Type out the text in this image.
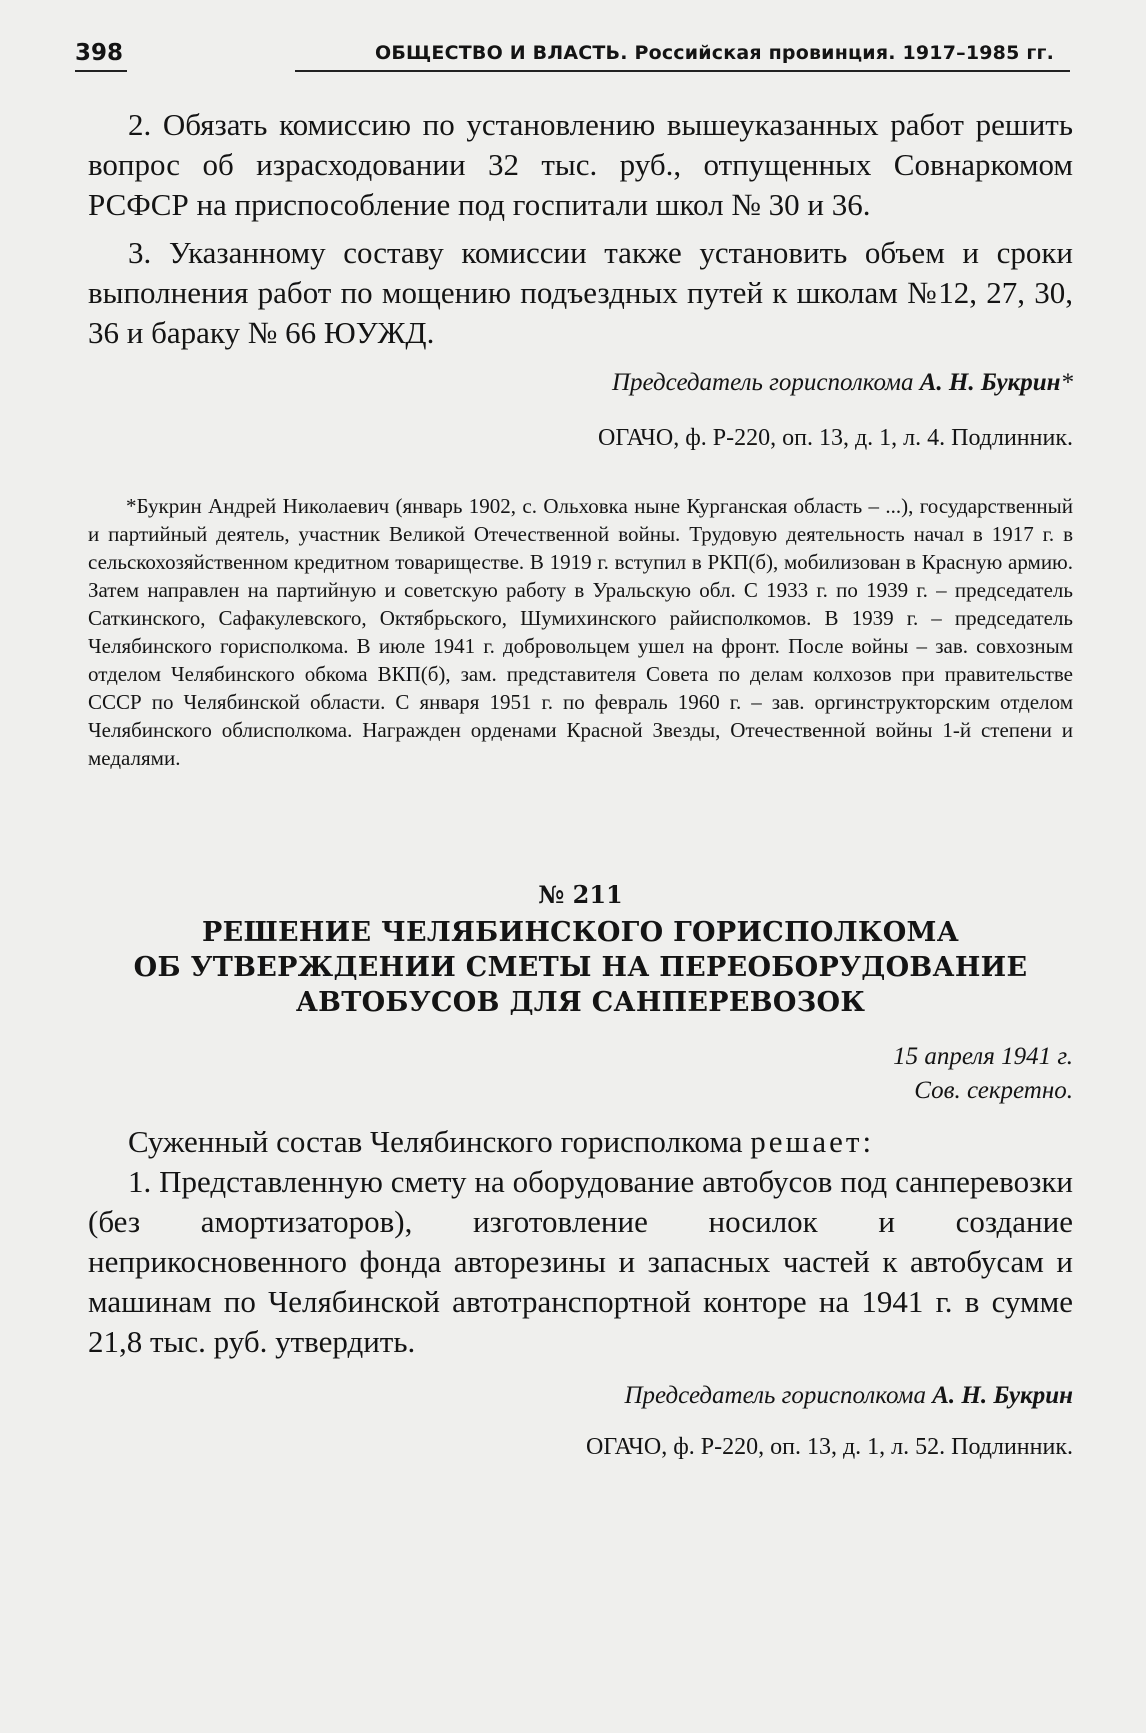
398	ОБЩЕСТВО И ВЛАСТЬ. Российская провинция. 1917–1985 гг.

2. Обязать комиссию по установлению вышеуказанных работ решить вопрос об израсходовании 32 тыс. руб., отпущенных Совнаркомом РСФСР на приспособление под госпитали школ № 30 и 36.

3. Указанному составу комиссии также установить объем и сроки выполнения работ по мощению подъездных путей к школам №12, 27, 30, 36 и бараку № 66 ЮУЖД.

Председатель горисполкома А. Н. Букрин*

ОГАЧО, ф. Р-220, оп. 13, д. 1, л. 4. Подлинник.

*Букрин Андрей Николаевич (январь 1902, с. Ольховка ныне Курганская область – ...), государственный и партийный деятель, участник Великой Отечественной войны. Трудовую деятельность начал в 1917 г. в сельскохозяйственном кредитном товариществе. В 1919 г. вступил в РКП(б), мобилизован в Красную армию. Затем направлен на партийную и советскую работу в Уральскую обл. С 1933 г. по 1939 г. – председатель Саткинского, Сафакулевского, Октябрьского, Шумихинского райисполкомов. В 1939 г. – председатель Челябинского горисполкома. В июле 1941 г. добровольцем ушел на фронт. После войны – зав. совхозным отделом Челябинского обкома ВКП(б), зам. представителя Совета по делам колхозов при правительстве СССР по Челябинской области. С января 1951 г. по февраль 1960 г. – зав. оргинструкторским отделом Челябинского облисполкома. Награжден орденами Красной Звезды, Отечественной войны 1-й степени и медалями.

№ 211

РЕШЕНИЕ ЧЕЛЯБИНСКОГО ГОРИСПОЛКОМА

ОБ УТВЕРЖДЕНИИ СМЕТЫ НА ПЕРЕОБОРУДОВАНИЕ

АВТОБУСОВ ДЛЯ САНПЕРЕВОЗОК

15 апреля 1941 г.

Сов. секретно.

Суженный состав Челябинского горисполкома решает:

1. Представленную смету на оборудование автобусов под санперевозки (без амортизаторов), изготовление носилок и создание неприкосновенного фонда авторезины и запасных частей к автобусам и машинам по Челябинской автотранспортной конторе на 1941 г. в сумме 21,8 тыс. руб. утвердить.

Председатель горисполкома А. Н. Букрин

ОГАЧО, ф. Р-220, оп. 13, д. 1, л. 52. Подлинник.
